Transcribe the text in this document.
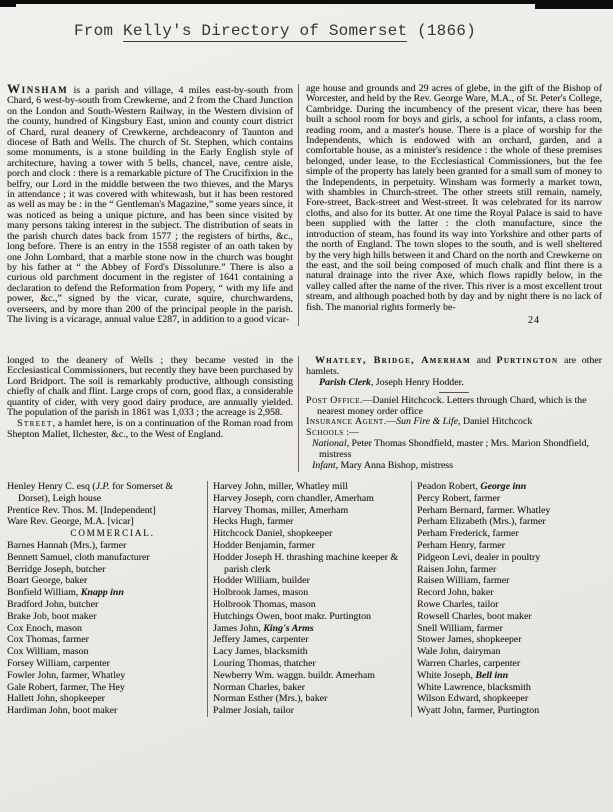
From Kelly's Directory of Somerset (1866)
Winsham is a parish and village, 4 miles east-by-south from Chard, 6 west-by-south from Crewkerne, and 2 from the Chard Junction on the London and South-Western Railway, in the Western division of the county, hundred of Kingsbury East, union and county court district of Chard, rural deanery of Crewkerne, archdeaconry of Taunton and diocese of Bath and Wells. The church of St. Stephen, which contains some monuments, is a stone building in the Early English style of architecture, having a tower with 5 bells, chancel, nave, centre aisle, porch and clock : there is a remarkable picture of The Crucifixion in the belfry, our Lord in the middle between the two thieves, and the Marys in attendance ; it was covered with whitewash, but it has been restored as well as may be : in the “ Gentleman's Magazine,” some years since, it was noticed as being a unique picture, and has been since visited by many persons taking interest in the subject. The distribution of seats in the parish church dates back from 1577 ; the registers of births, &c., long before. There is an entry in the 1558 register of an oath taken by one John Lombard, that a marble stone now in the church was bought by his father at “ the Abbey of Ford's Dissoluture.” There is also a curious old parchment document in the register of 1641 containing a declaration to defend the Reformation from Popery, “ with my life and power, &c.,” signed by the vicar, curate, squire, churchwardens, overseers, and by more than 200 of the principal people in the parish. The living is a vicarage, annual value £287, in addition to a good vicar-
age house and grounds and 29 acres of glebe, in the gift of the Bishop of Worcester, and held by the Rev. George Ware, M.A., of St. Peter's College, Cambridge. During the incumbency of the present vicar, there has been built a school room for boys and girls, a school for infants, a class room, reading room, and a master's house. There is a place of worship for the Independents, which is endowed with an orchard, garden, and a comfortable house, as a minister's residence : the whole of these premises belonged, under lease, to the Ecclesiastical Commissioners, but the fee simple of the property has lately been granted for a small sum of money to the Independents, in perpetuity. Winsham was formerly a market town, with shambles in Church-street. The other streets still remain, namely, Fore-street, Back-street and West-street. It was celebrated for its narrow cloths, and also for its butter. At one time the Royal Palace is said to have been supplied with the latter : the cloth manufacture, since the introduction of steam, has found its way into Yorkshire and other parts of the north of England. The town slopes to the south, and is well sheltered by the very high hills between it and Chard on the north and Crewkerne on the east, and the soil being composed of much chalk and flint there is a natural drainage into the river Axe, which flows rapidly below, in the valley called after the name of the river. This river is a most excellent trout stream, and although poached both by day and by night there is no lack of fish. The manorial rights formerly be-
24
longed to the deanery of Wells ; they became vested in the Ecclesiastical Commissioners, but recently they have been purchased by Lord Bridport. The soil is remarkably productive, although consisting chiefly of chalk and flint. Large crops of corn, good flax, a considerable quantity of cider, with very good dairy produce, are annually yielded. The population of the parish in 1861 was 1,033 ; the acreage is 2,958.
Street, a hamlet here, is on a continuation of the Roman road from Shepton Mallet, Ilchester, &c., to the West of England.
Whatley, Bridge, Amerham and Purtington are other hamlets.
Parish Clerk, Joseph Henry Hodder.
Post Office.—Daniel Hitchcock. Letters through Chard, which is the nearest money order office
Insurance Agent.—Sun Fire & Life, Daniel Hitchcock
Schools :—
National, Peter Thomas Shondfield, master ; Mrs. Marion Shondfield, mistress
Infant, Mary Anna Bishop, mistress
Henley Henry C. esq (J.P. for Somerset & Dorset), Leigh house
Prentice Rev. Thos. M. [Independent]
Ware Rev. George, M.A. [vicar]
COMMERCIAL.
Barnes Hannah (Mrs.), farmer
Bennett Samuel, cloth manufacturer
Berridge Joseph, butcher
Boart George, baker
Bonfield William, Knapp inn
Bradford John, butcher
Brake Job, boot maker
Cox Enoch, mason
Cox Thomas, farmer
Cox William, mason
Forsey William, carpenter
Fowler John, farmer, Whatley
Gale Robert, farmer, The Hey
Hallett John, shopkeeper
Hardiman John, boot maker
Harvey John, miller, Whatley mill
Harvey Joseph, corn chandler, Amerham
Harvey Thomas, miller, Amerham
Hecks Hugh, farmer
Hitchcock Daniel, shopkeeper
Hodder Benjamin, farmer
Hodder Joseph H. thrashing machine keeper & parish clerk
Hodder William, builder
Holbrook James, mason
Holbrook Thomas, mason
Hutchings Owen, boot makr. Purtington
James John, King's Arms
Jeffery James, carpenter
Lacy James, blacksmith
Louring Thomas, thatcher
Newberry Wm. waggn. buildr. Amerham
Norman Charles, baker
Norman Esther (Mrs.), baker
Palmer Josiah, tailor
Peadon Robert, George inn
Percy Robert, farmer
Perham Bernard, farmer. Whatley
Perham Elizabeth (Mrs.), farmer
Perham Frederick, farmer
Perham Henry, farmer
Pidgeon Levi, dealer in poultry
Raisen John, farmer
Raisen William, farmer
Record John, baker
Rowe Charles, tailor
Rowsell Charles, boot maker
Snell William, farmer
Stower James, shopkeeper
Wale John, dairyman
Warren Charles, carpenter
White Joseph, Bell inn
White Lawrence, blacksmith
Wilson Edward, shopkeeper
Wyatt John, farmer, Purtington
